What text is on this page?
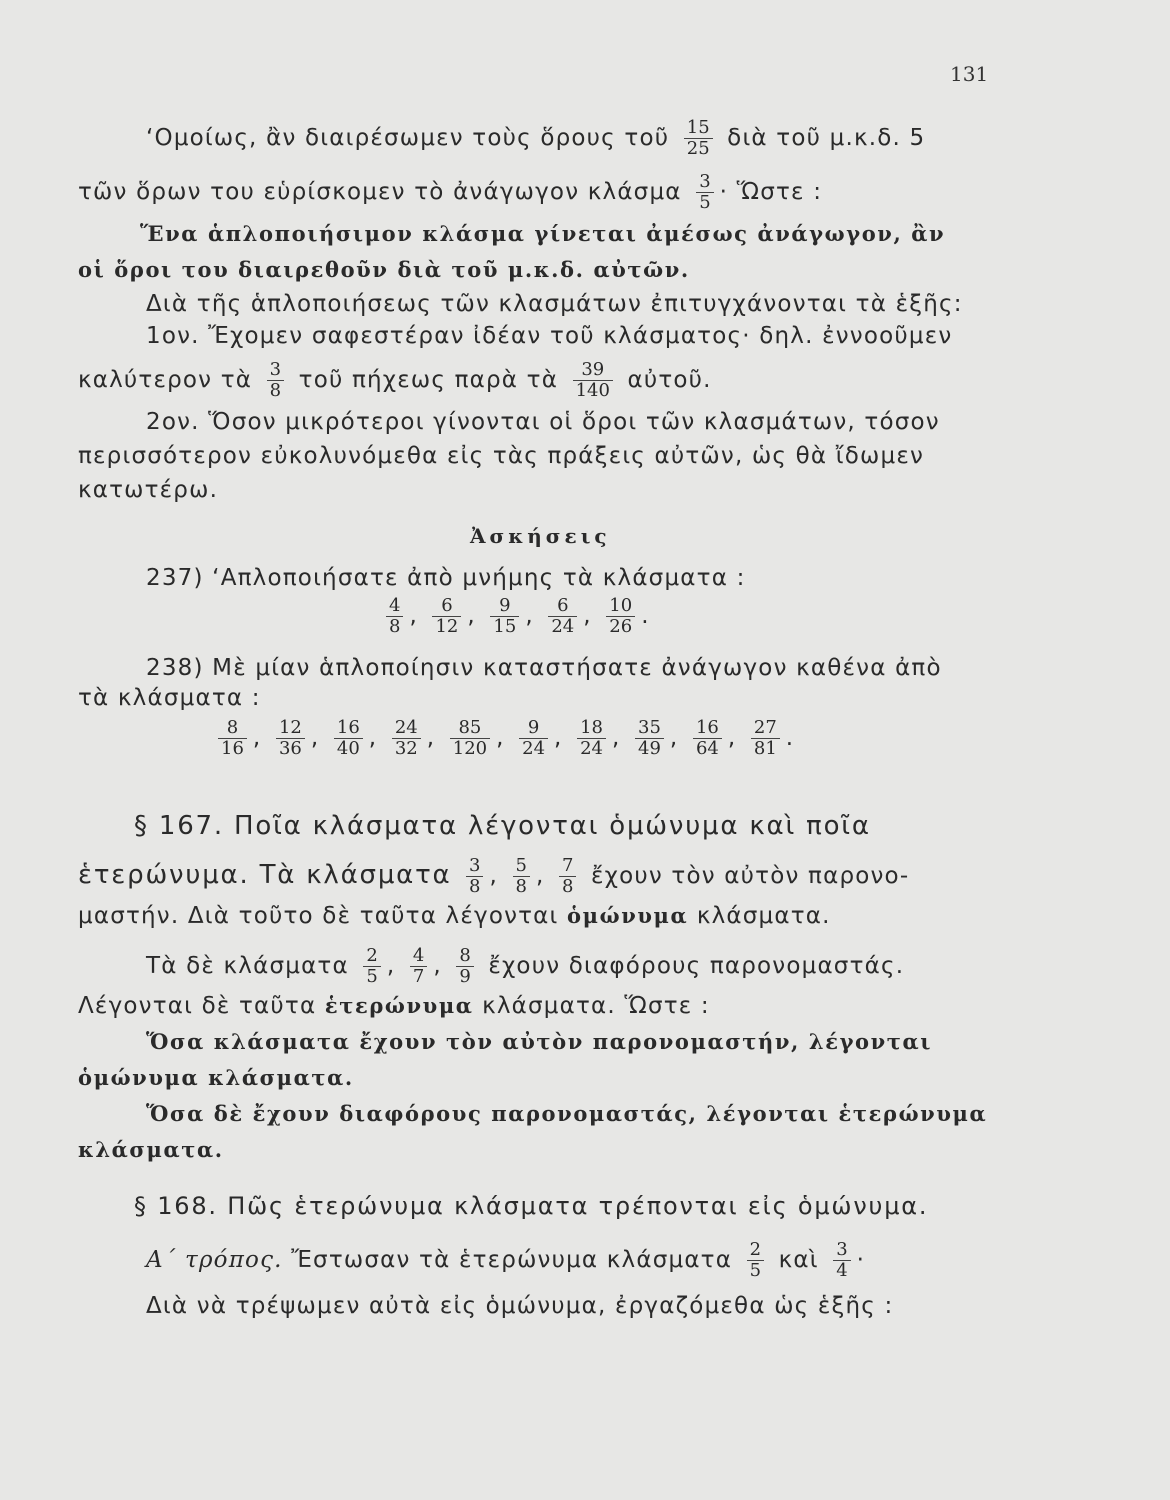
131
‘Ομοίως, ἂν διαιρέσωμεν τοὺς ὅρους τοῦ $\frac{15}{25}$ διὰ τοῦ μ.κ.δ. 5
τῶν ὅρων του εὑρίσκομεν τὸ ἀνάγωγον κλάσμα $\frac{3}{5}$ · Ὥστε :
Ἕνα ἁπλοποιήσιμον κλάσμα γίνεται ἀμέσως ἀνάγωγον, ἂν
οἱ ὅροι του διαιρεθοῦν διὰ τοῦ μ.κ.δ. αὐτῶν.
Διὰ τῆς ἁπλοποιήσεως τῶν κλασμάτων ἐπιτυγχάνονται τὰ ἑξῆς:
1ον. Ἔχομεν σαφεστέραν ἰδέαν τοῦ κλάσματος· δηλ. ἐννοοῦμεν
καλύτερον τὰ $\frac{3}{8}$ τοῦ πήχεως παρὰ τὰ $\frac{39}{140}$ αὐτοῦ.
2ον. Ὅσον μικρότεροι γίνονται οἱ ὅροι τῶν κλασμάτων, τόσον
περισσότερον εὐκολυνόμεθα εἰς τὰς πράξεις αὐτῶν, ὡς θὰ ἴδωμεν
κατωτέρω.
Ἀσκήσεις
237) ‘Απλοποιήσατε ἀπὸ μνήμης τὰ κλάσματα :
$\frac{4}{8}$ , $\frac{6}{12}$ , $\frac{9}{15}$ , $\frac{6}{24}$ , $\frac{10}{26}$ .
238) Μὲ μίαν ἁπλοποίησιν καταστήσατε ἀνάγωγον καθένα ἀπὸ
τὰ κλάσματα :
$\frac{8}{16}$ , $\frac{12}{36}$ , $\frac{16}{40}$ , $\frac{24}{32}$ , $\frac{85}{120}$ , $\frac{9}{24}$ , $\frac{18}{24}$ , $\frac{35}{49}$ , $\frac{16}{64}$ , $\frac{27}{81}$ .
§ 167. Ποῖα κλάσματα λέγονται ὁμώνυμα καὶ ποῖα
ἑτερώνυμα. Τὰ κλάσματα $\frac{3}{8}$ , $\frac{5}{8}$ , $\frac{7}{8}$ ἔχουν τὸν αὐτὸν παρονο-
μαστήν. Διὰ τοῦτο δὲ ταῦτα λέγονται ὁμώνυμα κλάσματα.
Τὰ δὲ κλάσματα $\frac{2}{5}$ , $\frac{4}{7}$ , $\frac{8}{9}$ ἔχουν διαφόρους παρονομαστάς.
Λέγονται δὲ ταῦτα ἑτερώνυμα κλάσματα. Ὥστε :
Ὅσα κλάσματα ἔχουν τὸν αὐτὸν παρονομαστήν, λέγονται
ὁμώνυμα κλάσματα.
Ὅσα δὲ ἔχουν διαφόρους παρονομαστάς, λέγονται ἑτερώνυμα
κλάσματα.
§ 168. Πῶς ἑτερώνυμα κλάσματα τρέπονται εἰς ὁμώνυμα.
Α΄ τρόπος. Ἔστωσαν τὰ ἑτερώνυμα κλάσματα $\frac{2}{5}$ καὶ $\frac{3}{4}$ ·
Διὰ νὰ τρέψωμεν αὐτὰ εἰς ὁμώνυμα, ἐργαζόμεθα ὡς ἑξῆς :
